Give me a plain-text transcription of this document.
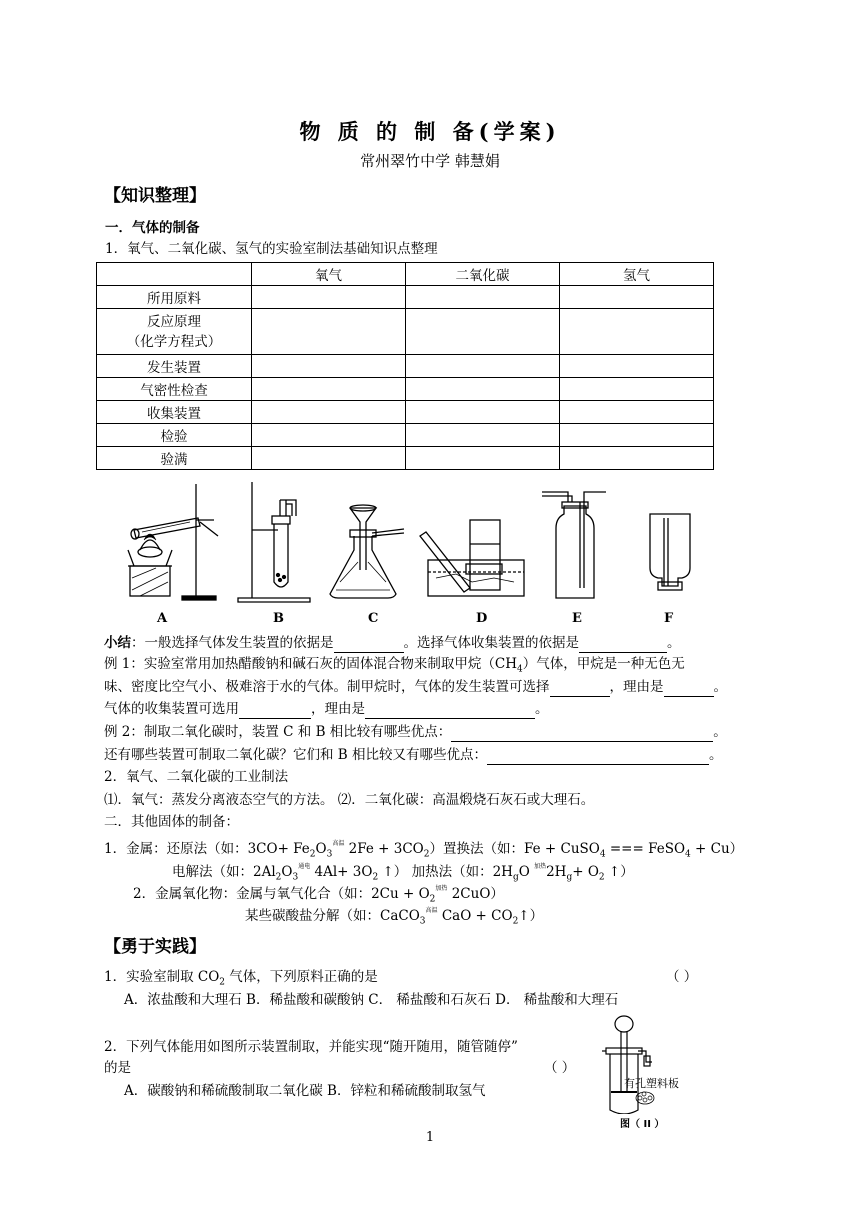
物 质 的 制 备(学案)
常州翠竹中学 韩慧娟
【知识整理】
一．气体的制备
1．氧气、二氧化碳、氢气的实验室制法基础知识点整理
	氧气	二氧化碳	氢气
所用原料			
反应原理
（化学方程式）			
发生装置			
气密性检查			
收集装置			
检验			
验满			
A	B	C	D	E	F
小结：一般选择气体发生装置的依据是	。选择气体收集装置的依据是	。
例 1：实验室常用加热醋酸钠和碱石灰的固体混合物来制取甲烷$(CH_4)$气体，甲烷是一种无色无
味、密度比空气小、极难溶于水的气体。制甲烷时，气体的发生装置可选择	，理由是	。
气体的收集装置可选用	，理由是	。
例 2：制取二氧化碳时，装置 C 和 B 相比较有哪些优点：	。
还有哪些装置可制取二氧化碳？它们和 B 相比较又有哪些优点：	。
2．氧气、二氧化碳的工业制法
⑴．氧气：蒸发分离液态空气的方法。 ⑵．二氧化碳：高温煅烧石灰石或大理石。
二．其他固体的制备：
1．金属：还原法（如：$3CO+ Fe_2O_3^{高温}$ $2Fe + 3CO_2$）置换法（如：Fe + CuSO$_4$ === FeSO$_4$ + Cu）
电解法（如：$2Al_2O_3^{通电}$ $4Al+ 3O_2$ ↑） 加热法（如：$2H_gO$ $^{加热}2H_g+ O_2$ ↑）
2．金属氧化物：金属与氧气化合（如：$2Cu + O_2^{加热}$ 2CuO）
某些碳酸盐分解（如：CaCO$_3^{高温}$ CaO + $CO_2↑$）
【勇于实践】
1．实验室制取 $CO_2$ 气体，下列原料正确的是	（ ）
A．浓盐酸和大理石 B．稀盐酸和碳酸钠 C． 稀盐酸和石灰石 D． 稀盐酸和大理石
2．下列气体能用如图所示装置制取，并能实现“随开随用，随管随停”
的是	（ ）
A．碳酸钠和稀硫酸制取二氧化碳 B．锌粒和稀硫酸制取氢气	有孔塑料板
图（ II ）
1
